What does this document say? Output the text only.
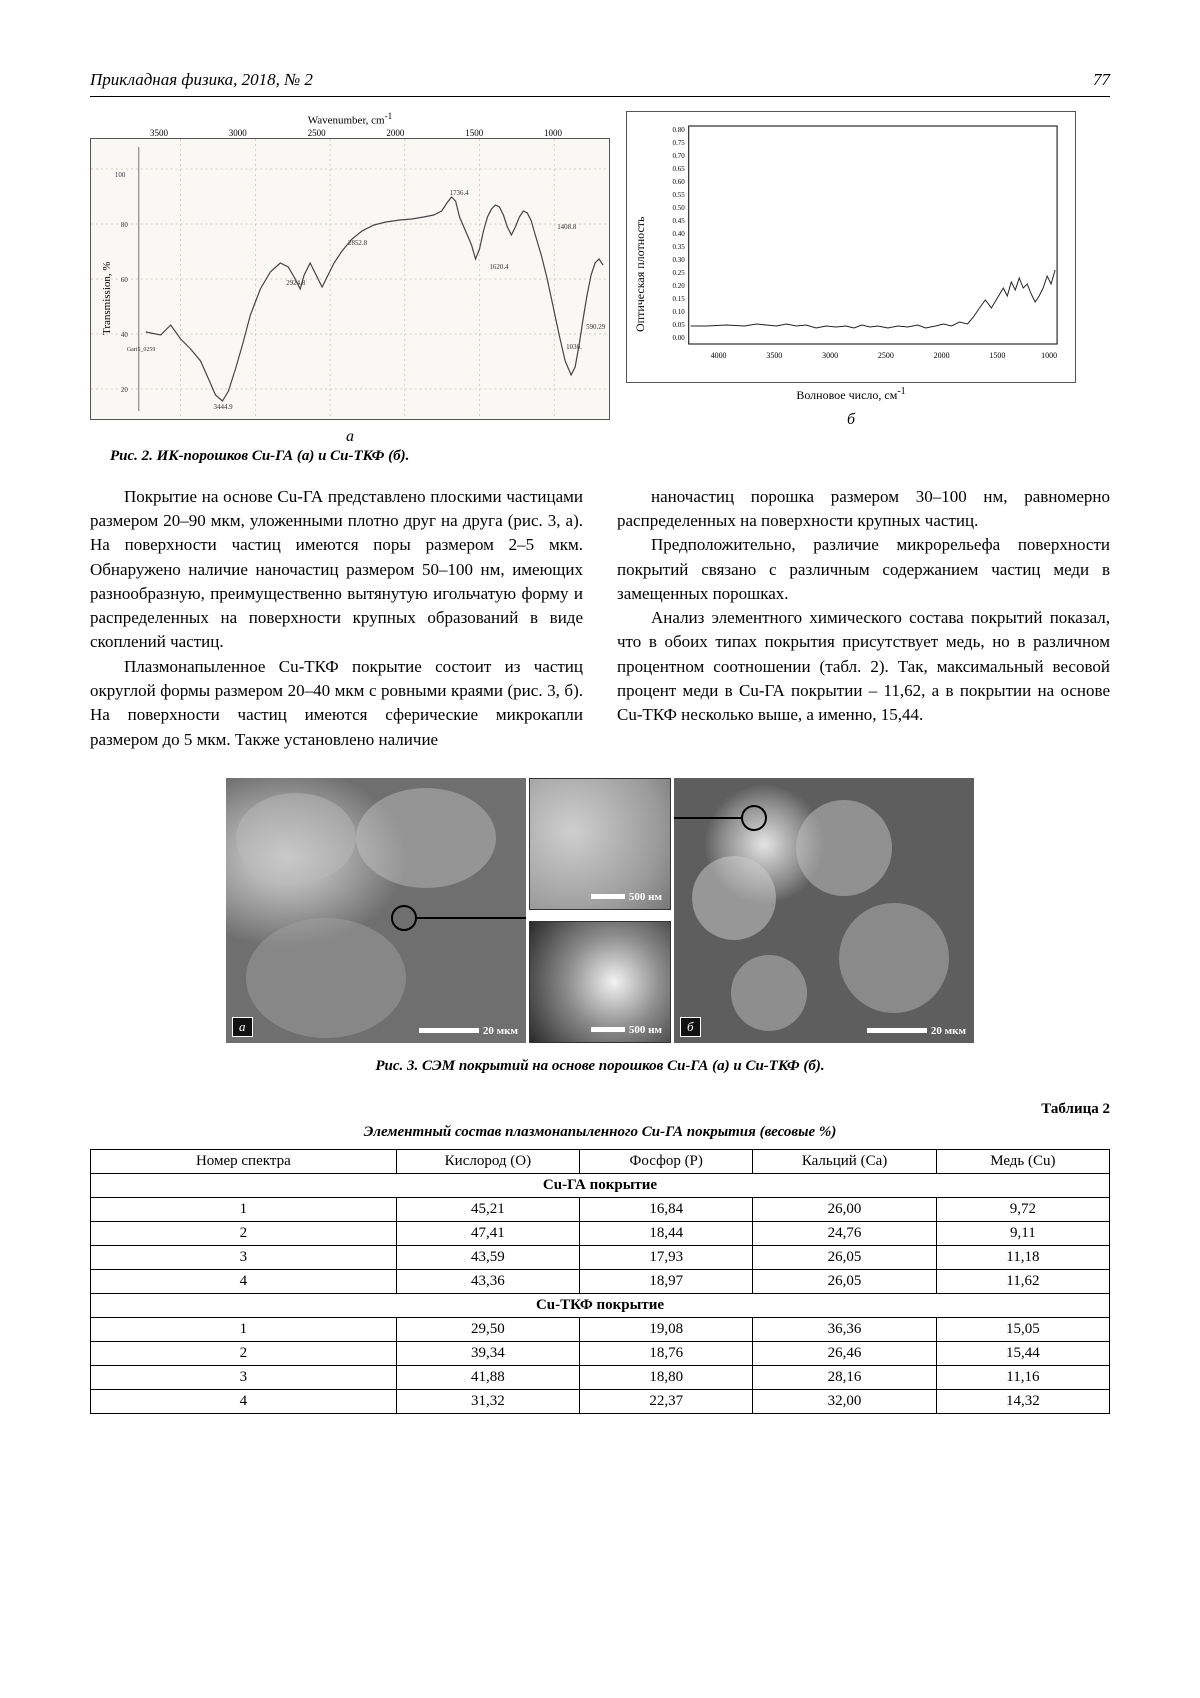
Прикладная физика, 2018, № 2	77
Wavenumber, $cm^{-1}$
3500	3000	2500	2000	1500	1000
1736.4
1408.8
2852.8
1620.4
2924.8
590.29
1030.
3444.9
Gari5_0259
100
80
60
40
20
Transmission, %
а
0.80
0.75
0.70
0.65
0.60
0.55
0.50
0.45
0.40
0.35
0.30
0.25
0.20
0.15
0.10
0.05
0.00
4000	3500	3000	2500	2000	1500	1000
Оптическая плотность
Волновое число, $см^{-1}$
б
Рис. 2. ИК-порошков Си-ГА (а) и Си-ТКФ (б).

Покрытие на основе Cu-ГА представлено плоскими частицами размером 20–90 мкм, уложенными плотно друг на друга (рис. 3, а). На поверхности частиц имеются поры размером 2–5 мкм. Обнаружено наличие наночастиц размером 50–100 нм, имеющих разнообразную, преимущественно вытянутую игольчатую форму и распределенных на поверхности крупных образований в виде скоплений частиц.

Плазмонапыленное Cu-ТКФ покрытие состоит из частиц округлой формы размером 20–40 мкм с ровными краями (рис. 3, б). На поверхности частиц имеются сферические микрокапли размером до 5 мкм. Также установлено наличие

наночастиц порошка размером 30–100 нм, равномерно распределенных на поверхности крупных частиц.

Предположительно, различие микрорельефа поверхности покрытий связано с различным содержанием частиц меди в замещенных порошках.

Анализ элементного химического состава покрытий показал, что в обоих типах покрытия присутствует медь, но в различном процентном соотношении (табл. 2). Так, максимальный весовой процент меди в Cu-ГА покрытии – 11,62, а в покрытии на основе Cu-ТКФ несколько выше, а именно, 15,44.

а	20 мкм
500 нм
500 нм	б	20 мкм
Рис. 3. СЭМ покрытий на основе порошков Си-ГА (а) и Си-ТКФ (б).
Таблица 2
Элементный состав плазмонапыленного Си-ГА покрытия (весовые %)
Номер спектра	Кислород (O)	Фосфор (P)	Кальций (Ca)	Медь (Cu)
Cu-ГА покрытие				
1	45,21	16,84	26,00	9,72
2	47,41	18,44	24,76	9,11
3	43,59	17,93	26,05	11,18
4	43,36	18,97	26,05	11,62
Cu-ТКФ покрытие				
1	29,50	19,08	36,36	15,05
2	39,34	18,76	26,46	15,44
3	41,88	18,80	28,16	11,16
4	31,32	22,37	32,00	14,32
